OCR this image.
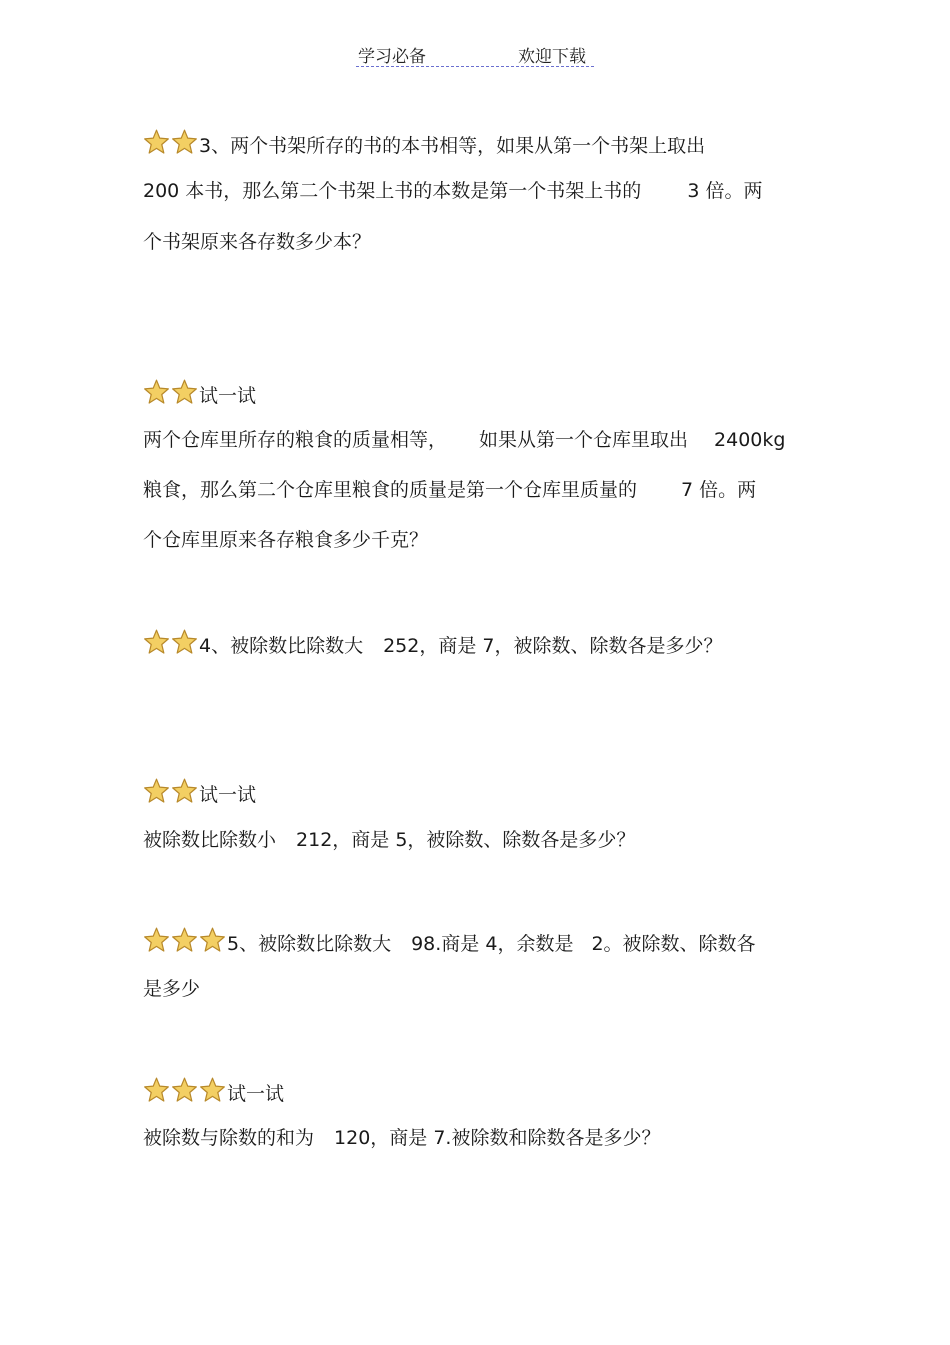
学习必备	欢迎下载
3、两个书架所存的书的本书相等，如果从第一个书架上取出
200 本书，那么第二个书架上书的本数是第一个书架上书的 3 倍。两
个书架原来各存数多少本？
试一试
两个仓库里所存的粮食的质量相等， 如果从第一个仓库里取出 2400kg
粮食，那么第二个仓库里粮食的质量是第一个仓库里质量的 7 倍。两
个仓库里原来各存粮食多少千克？
4、被除数比除数大 252，商是 7，被除数、除数各是多少？
试一试
被除数比除数小 212，商是 5，被除数、除数各是多少？
5、被除数比除数大 98.商是 4，余数是 2。被除数、除数各
是多少
试一试
被除数与除数的和为 120，商是 7.被除数和除数各是多少？
